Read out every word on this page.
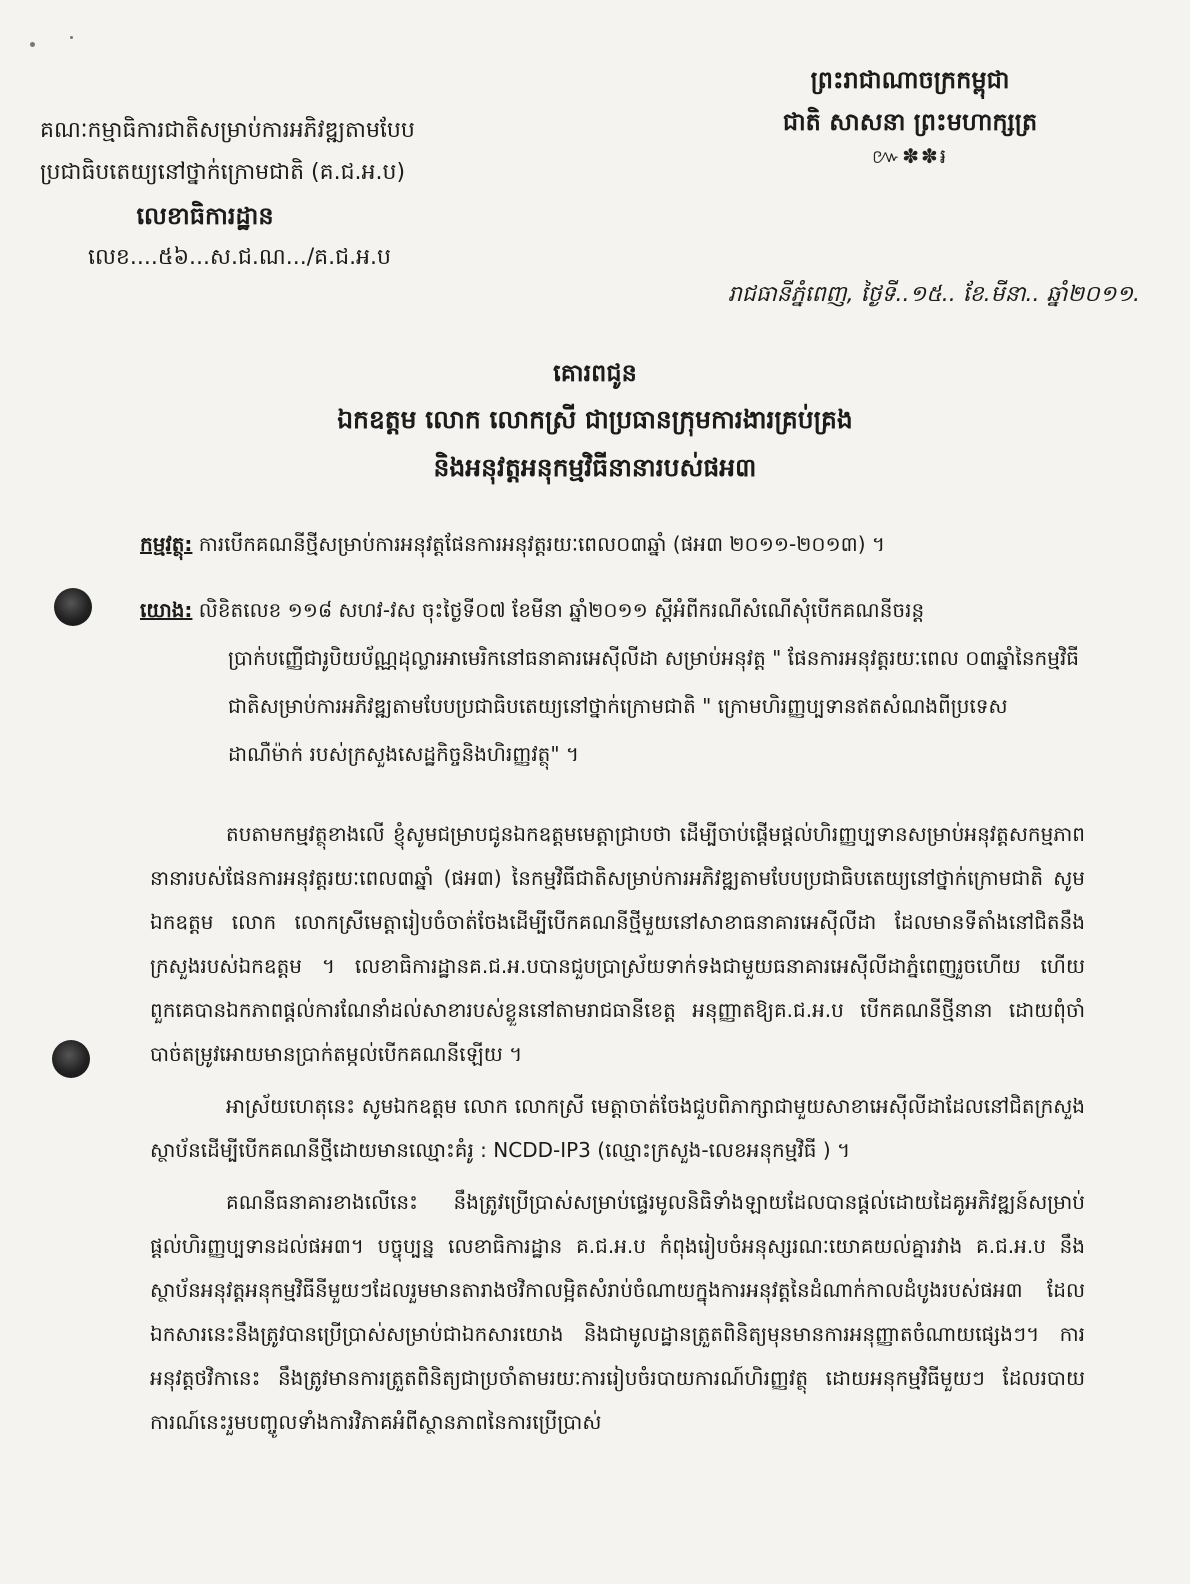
គណៈកម្មាធិការជាតិសម្រាប់ការអភិវឌ្ឍតាមបែប
ប្រជាធិបតេយ្យនៅថ្នាក់ក្រោមជាតិ (គ.ជ.អ.ប)
លេខាធិការដ្ឋាន
លេខ....៥៦...ស.ជ.ណ.../គ.ជ.អ.ប
ព្រះរាជាណាចក្រកម្ពុជា
ជាតិ សាសនា ព្រះមហាក្សត្រ
៚✽✽៛
រាជធានីភ្នំពេញ, ថ្ងៃទី..១៥.. ខែ.មីនា.. ឆ្នាំ២០១១.
គោរពជូន
ឯកឧត្តម លោក លោកស្រី ជាប្រធានក្រុមការងារគ្រប់គ្រង
និងអនុវត្តអនុកម្មវិធីនានារបស់ផអ៣
កម្មវត្ថុ: ការបើកគណនីថ្មីសម្រាប់ការអនុវត្តផែនការអនុវត្តរយៈពេល០៣ឆ្នាំ (ផអ៣ ២០១១-២០១៣) ។
យោង: លិខិតលេខ ១១៨ សហវ-វស ចុះថ្ងៃទី០៧ ខែមីនា ឆ្នាំ២០១១ ស្តីអំពីករណីសំណើសុំបើកគណនីចរន្ត
ប្រាក់បញ្ញើជារូបិយប័ណ្ណដុល្លារអាមេរិកនៅធនាគារអេស៊ីលីដា សម្រាប់អនុវត្ត " ផែនការអនុវត្តរយៈពេល ០៣ឆ្នាំនៃកម្មវិធីជាតិសម្រាប់ការអភិវឌ្ឍតាមបែបប្រជាធិបតេយ្យនៅថ្នាក់ក្រោមជាតិ " ក្រោមហិរញ្ញប្បទានឥតសំណងពីប្រទេសដាណឺម៉ាក់ របស់ក្រសួងសេដ្ឋកិច្ចនិងហិរញ្ញវត្ថុ" ។

តបតាមកម្មវត្ថុខាងលើ ខ្ញុំសូមជម្រាបជូនឯកឧត្តមមេត្តាជ្រាបថា ដើម្បីចាប់ផ្តើមផ្តល់ហិរញ្ញប្បទានសម្រាប់អនុវត្តសកម្មភាពនានារបស់ផែនការអនុវត្តរយៈពេល៣ឆ្នាំ (ផអ៣) នៃកម្មវិធីជាតិសម្រាប់ការអភិវឌ្ឍតាមបែបប្រជាធិបតេយ្យនៅថ្នាក់ក្រោមជាតិ សូមឯកឧត្តម លោក លោកស្រីមេត្តារៀបចំចាត់ចែងដើម្បីបើកគណនីថ្មីមួយនៅសាខាធនាគារអេស៊ីលីដា ដែលមានទីតាំងនៅជិតនឹងក្រសួងរបស់ឯកឧត្តម ។ លេខាធិការដ្ឋានគ.ជ.អ.បបានជួបប្រាស្រ័យទាក់ទងជាមួយធនាគារអេស៊ីលីដាភ្នំពេញរួចហើយ ហើយពួកគេបានឯកភាពផ្តល់ការណែនាំដល់សាខារបស់ខ្លួននៅតាមរាជធានីខេត្ត អនុញ្ញាតឱ្យគ.ជ.អ.ប បើកគណនីថ្មីនានា ដោយពុំចាំបាច់តម្រូវអោយមានប្រាក់តម្កល់បើកគណនីឡើយ ។

អាស្រ័យហេតុនេះ សូមឯកឧត្តម លោក លោកស្រី មេត្តាចាត់ចែងជួបពិភាក្សាជាមួយសាខាអេស៊ីលីដាដែលនៅជិតក្រសួង ស្ថាប័នដើម្បីបើកគណនីថ្មីដោយមានឈ្មោះគំរូ : NCDD-IP3 (ឈ្មោះក្រសួង-លេខអនុកម្មវិធី ) ។

គណនីធនាគារខាងលើនេះ នឹងត្រូវប្រើប្រាស់សម្រាប់ផ្ទេរមូលនិធិទាំងឡាយដែលបានផ្តល់ដោយដៃគូអភិវឌ្ឍន៍សម្រាប់ផ្តល់ហិរញ្ញប្បទានដល់ផអ៣។ បច្ចុប្បន្ន លេខាធិការដ្ឋាន គ.ជ.អ.ប កំពុងរៀបចំអនុស្សរណៈយោគយល់គ្នារវាង គ.ជ.អ.ប នឹងស្ថាប័នអនុវត្តអនុកម្មវិធីនីមួយៗដែលរួមមានតារាងថវិកាលម្អិតសំរាប់ចំណាយក្នុងការអនុវត្តនៃដំណាក់កាលដំបូងរបស់ផអ៣ ដែលឯកសារនេះនឹងត្រូវបានប្រើប្រាស់សម្រាប់ជាឯកសារយោង និងជាមូលដ្ឋានត្រួតពិនិត្យមុនមានការអនុញ្ញាតចំណាយផ្សេងៗ។ ការអនុវត្តថវិកានេះ នឹងត្រូវមានការត្រួតពិនិត្យជាប្រចាំតាមរយៈការរៀបចំរបាយការណ៍ហិរញ្ញវត្ថុ ដោយអនុកម្មវិធីមួយៗ ដែលរបាយការណ៍នេះរួមបញ្ចូលទាំងការវិភាគអំពីស្ថានភាពនៃការប្រើប្រាស់
